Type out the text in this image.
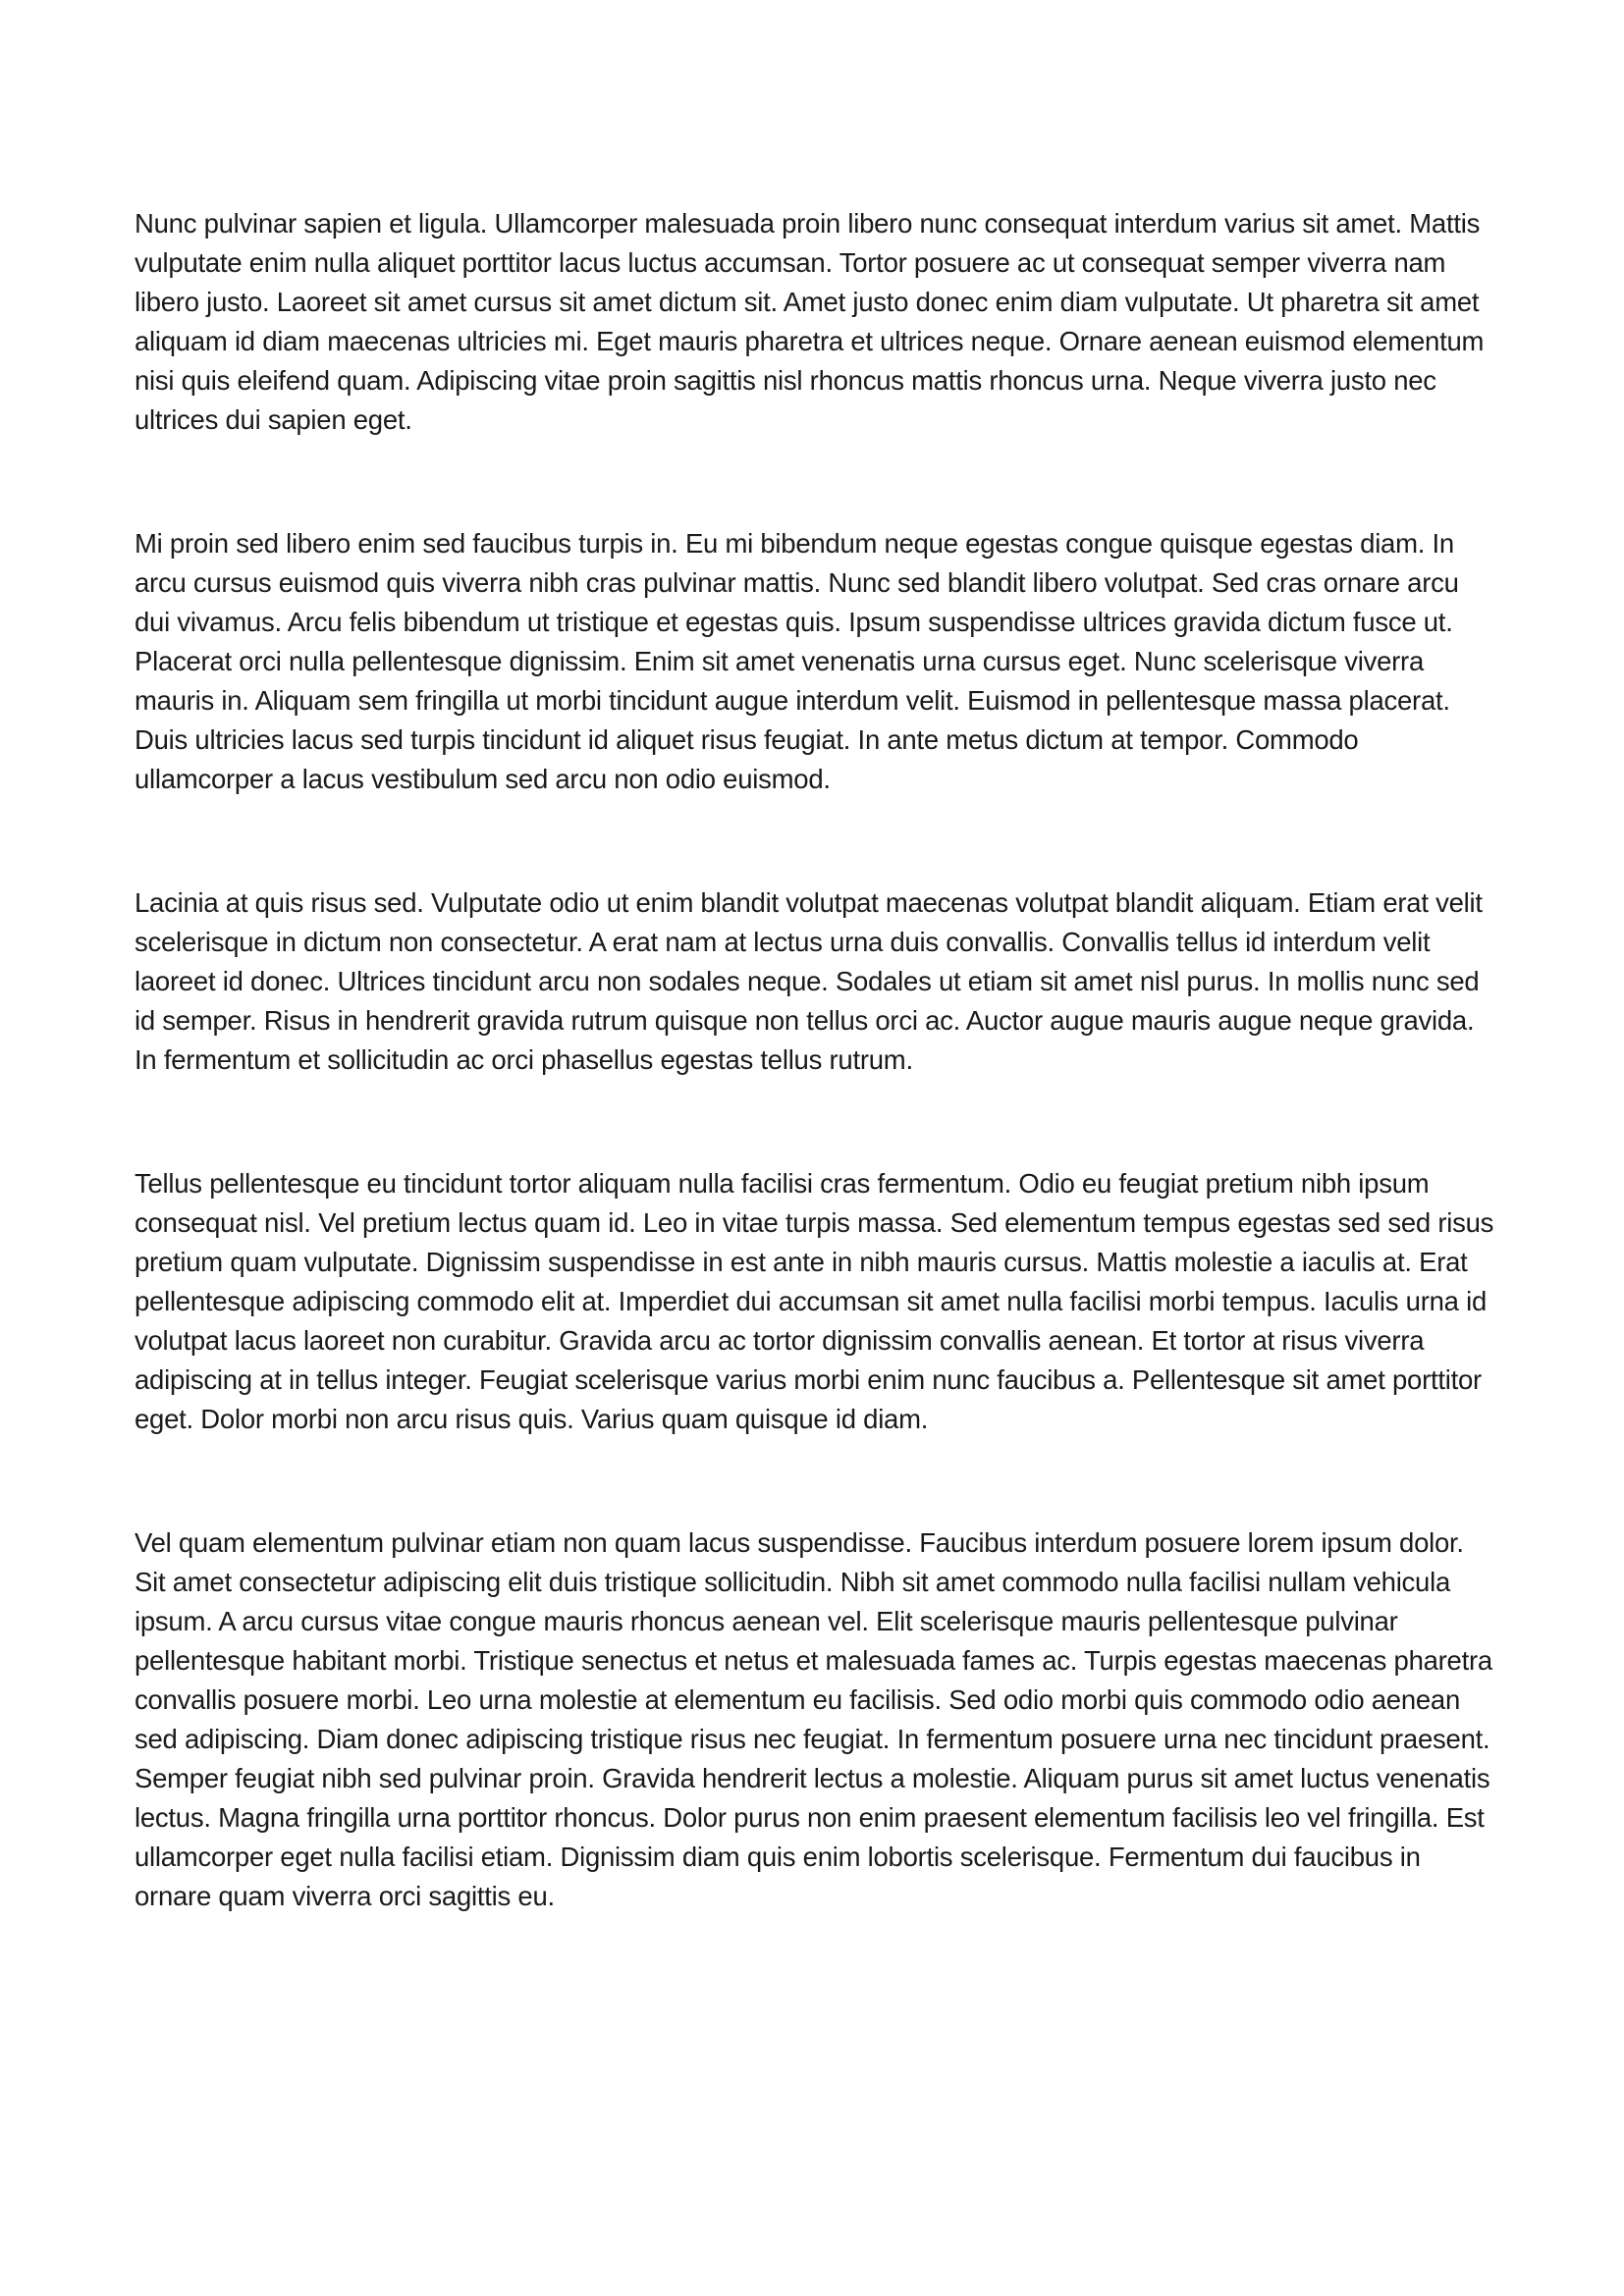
Nunc pulvinar sapien et ligula. Ullamcorper malesuada proin libero nunc consequat interdum varius sit amet. Mattis vulputate enim nulla aliquet porttitor lacus luctus accumsan. Tortor posuere ac ut consequat semper viverra nam libero justo. Laoreet sit amet cursus sit amet dictum sit. Amet justo donec enim diam vulputate. Ut pharetra sit amet aliquam id diam maecenas ultricies mi. Eget mauris pharetra et ultrices neque. Ornare aenean euismod elementum nisi quis eleifend quam. Adipiscing vitae proin sagittis nisl rhoncus mattis rhoncus urna. Neque viverra justo nec ultrices dui sapien eget.

Mi proin sed libero enim sed faucibus turpis in. Eu mi bibendum neque egestas congue quisque egestas diam. In arcu cursus euismod quis viverra nibh cras pulvinar mattis. Nunc sed blandit libero volutpat. Sed cras ornare arcu dui vivamus. Arcu felis bibendum ut tristique et egestas quis. Ipsum suspendisse ultrices gravida dictum fusce ut. Placerat orci nulla pellentesque dignissim. Enim sit amet venenatis urna cursus eget. Nunc scelerisque viverra mauris in. Aliquam sem fringilla ut morbi tincidunt augue interdum velit. Euismod in pellentesque massa placerat. Duis ultricies lacus sed turpis tincidunt id aliquet risus feugiat. In ante metus dictum at tempor. Commodo ullamcorper a lacus vestibulum sed arcu non odio euismod.

Lacinia at quis risus sed. Vulputate odio ut enim blandit volutpat maecenas volutpat blandit aliquam. Etiam erat velit scelerisque in dictum non consectetur. A erat nam at lectus urna duis convallis. Convallis tellus id interdum velit laoreet id donec. Ultrices tincidunt arcu non sodales neque. Sodales ut etiam sit amet nisl purus. In mollis nunc sed id semper. Risus in hendrerit gravida rutrum quisque non tellus orci ac. Auctor augue mauris augue neque gravida. In fermentum et sollicitudin ac orci phasellus egestas tellus rutrum.

Tellus pellentesque eu tincidunt tortor aliquam nulla facilisi cras fermentum. Odio eu feugiat pretium nibh ipsum consequat nisl. Vel pretium lectus quam id. Leo in vitae turpis massa. Sed elementum tempus egestas sed sed risus pretium quam vulputate. Dignissim suspendisse in est ante in nibh mauris cursus. Mattis molestie a iaculis at. Erat pellentesque adipiscing commodo elit at. Imperdiet dui accumsan sit amet nulla facilisi morbi tempus. Iaculis urna id volutpat lacus laoreet non curabitur. Gravida arcu ac tortor dignissim convallis aenean. Et tortor at risus viverra adipiscing at in tellus integer. Feugiat scelerisque varius morbi enim nunc faucibus a. Pellentesque sit amet porttitor eget. Dolor morbi non arcu risus quis. Varius quam quisque id diam.

Vel quam elementum pulvinar etiam non quam lacus suspendisse. Faucibus interdum posuere lorem ipsum dolor. Sit amet consectetur adipiscing elit duis tristique sollicitudin. Nibh sit amet commodo nulla facilisi nullam vehicula ipsum. A arcu cursus vitae congue mauris rhoncus aenean vel. Elit scelerisque mauris pellentesque pulvinar pellentesque habitant morbi. Tristique senectus et netus et malesuada fames ac. Turpis egestas maecenas pharetra convallis posuere morbi. Leo urna molestie at elementum eu facilisis. Sed odio morbi quis commodo odio aenean sed adipiscing. Diam donec adipiscing tristique risus nec feugiat. In fermentum posuere urna nec tincidunt praesent. Semper feugiat nibh sed pulvinar proin. Gravida hendrerit lectus a molestie. Aliquam purus sit amet luctus venenatis lectus. Magna fringilla urna porttitor rhoncus. Dolor purus non enim praesent elementum facilisis leo vel fringilla. Est ullamcorper eget nulla facilisi etiam. Dignissim diam quis enim lobortis scelerisque. Fermentum dui faucibus in ornare quam viverra orci sagittis eu.
